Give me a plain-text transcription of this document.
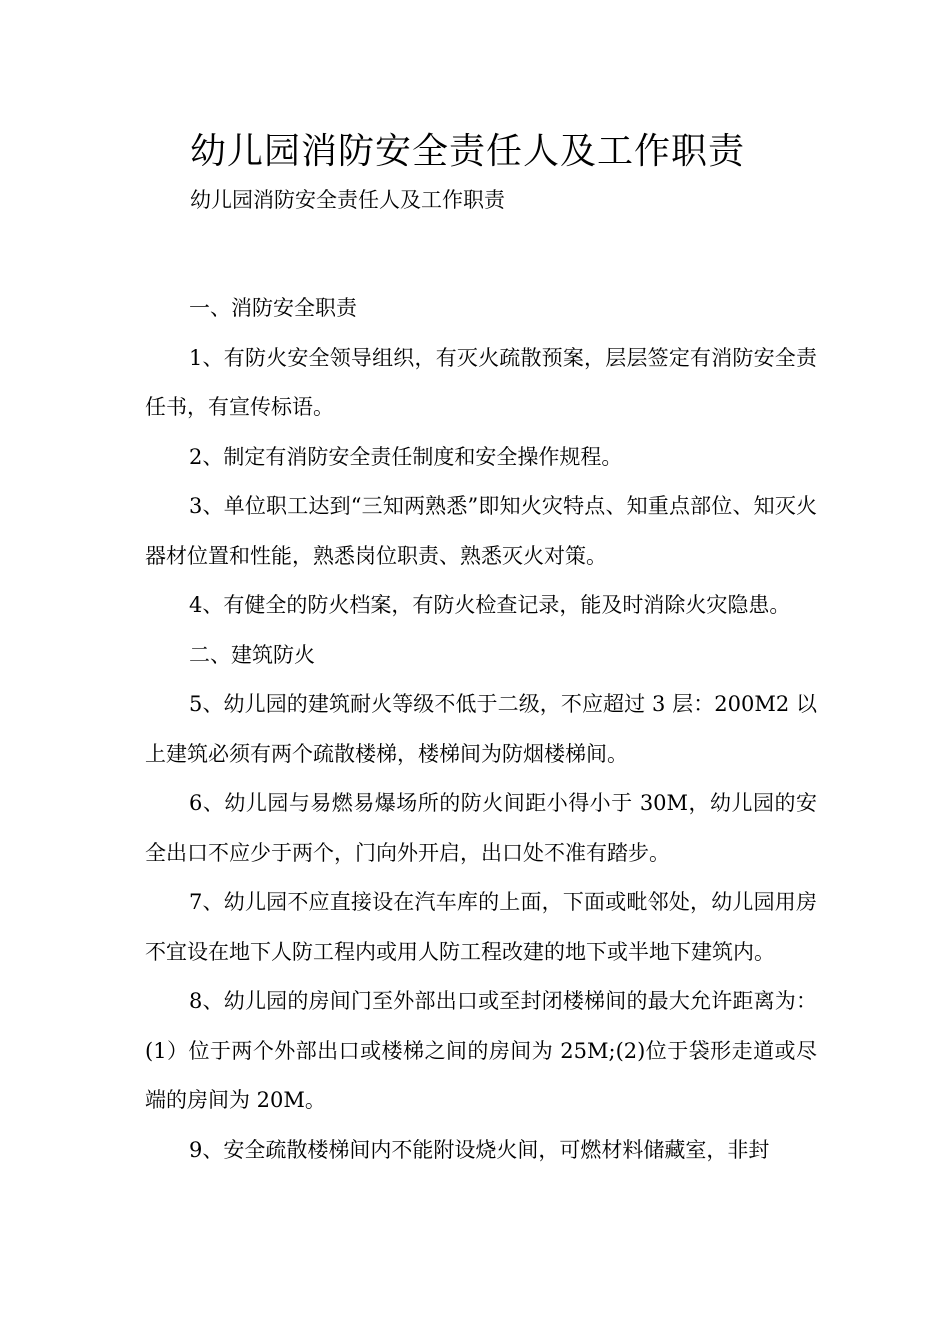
幼儿园消防安全责任人及工作职责
幼儿园消防安全责任人及工作职责

一、消防安全职责

1、有防火安全领导组织，有灭火疏散预案，层层签定有消防安全责任书，有宣传标语。

2、制定有消防安全责任制度和安全操作规程。

3、单位职工达到“三知两熟悉”即知火灾特点、知重点部位、知灭火器材位置和性能，熟悉岗位职责、熟悉灭火对策。

4、有健全的防火档案，有防火检查记录，能及时消除火灾隐患。

二、建筑防火

5、幼儿园的建筑耐火等级不低于二级，不应超过 3 层：200M2 以上建筑必须有两个疏散楼梯，楼梯间为防烟楼梯间。

6、幼儿园与易燃易爆场所的防火间距小得小于 30M，幼儿园的安全出口不应少于两个，门向外开启，出口处不准有踏步。

7、幼儿园不应直接设在汽车库的上面，下面或毗邻处，幼儿园用房不宜设在地下人防工程内或用人防工程改建的地下或半地下建筑内。

8、幼儿园的房间门至外部出口或至封闭楼梯间的最大允许距离为：(1）位于两个外部出口或楼梯之间的房间为 25M;(2)位于袋形走道或尽端的房间为 20M。

9、安全疏散楼梯间内不能附设烧火间，可燃材料储藏室，非封
